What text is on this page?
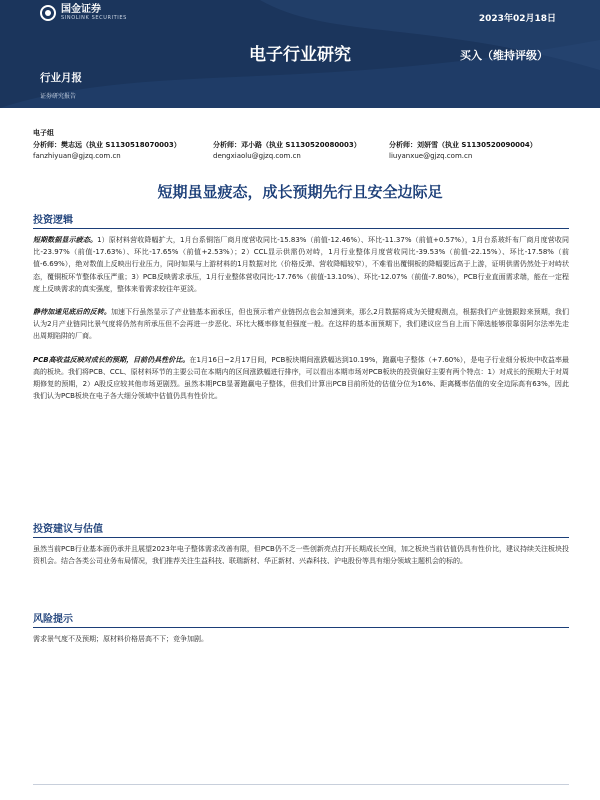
国金证券
SINOLINK SECURITIES	2023年02月18日
电子行业研究	买入（维持评级）
行业月报
证券研究报告
电子组
分析师：樊志远（执业 S1130518070003）
fanzhiyuan@gjzq.com.cn
分析师：邓小路（执业 S1130520080003）
dengxiaolu@gjzq.com.cn
分析师：刘妍雪（执业 S1130520090004）
liuyanxue@gjzq.com.cn
短期虽显疲态，成长预期先行且安全边际足
投资逻辑

短期数据显示疲态。1）原材料营收降幅扩大，1月台系铜箔厂商月度营收同比-15.83%（前值-12.46%）、环比-11.37%（前值+0.57%），1月台系玻纤布厂商月度营收同比-23.97%（前值-17.63%）、环比-17.65%（前值+2.53%）；2）CCL显示供需仍对峙，1月行业整体月度营收同比-39.53%（前值-22.15%）、环比-17.58%（前值-6.69%），绝对数值上反映出行业压力，同时如果与上游材料的1月数据对比（价格反弹、营收降幅较窄），不难看出覆铜板的降幅要远高于上游，证明供需仍然处于对峙状态，覆铜板环节整体承压严重；3）PCB反映需求承压，1月行业整体营收同比-17.76%（前值-13.10%）、环比-12.07%（前值-7.80%），PCB行业直面需求端，能在一定程度上反映需求的真实强度，整体来看需求较往年更淡。

静待加速见底后的反转。加速下行虽然显示了产业链基本面承压，但也预示着产业链拐点也会加速到来，那么2月数据将成为关键观测点，根据我们产业链跟踪来预期，我们认为2月产业链同比景气度将仍然有所承压但不会再进一步恶化、环比大概率修复但强度一般。在这样的基本面预期下，我们建议应当自上而下筛选能够很靠弱阿尔法率先走出周期陷阱的厂商。

PCB高收益反映对成长的预期，目前仍具性价比。在1月16日~2月17日间，PCB板块期间涨跌幅达到10.19%，跑赢电子整体（+7.60%），是电子行业细分板块中收益率最高的板块。我们将PCB、CCL、原材料环节的主要公司在本期内的区间涨跌幅进行排序，可以看出本期市场对PCB板块的投资偏好主要有两个特点：1）对成长的预期大于对周期修复的预期，2）A股反应较其他市场更剧烈。虽然本期PCB显著跑赢电子整体，但我们计算出PCB目前所处的估值分位为16%、距离概率估值的安全边际高有63%，因此我们认为PCB板块在电子各大细分领域中估值仍具有性价比。

投资建议与估值

虽然当前PCB行业基本面仍承并且展望2023年电子整体需求改善有限，但PCB仍不乏一些创新亮点打开长期成长空间，加之板块当前估值仍具有性价比，建议持续关注板块投资机会。结合各类公司业务布局情况，我们推荐关注生益科技、联瑞新材、华正新材、兴森科技、沪电股份等具有细分领域主题机会的标的。

风险提示

需求景气度不及预期；原材料价格居高不下；竞争加剧。
